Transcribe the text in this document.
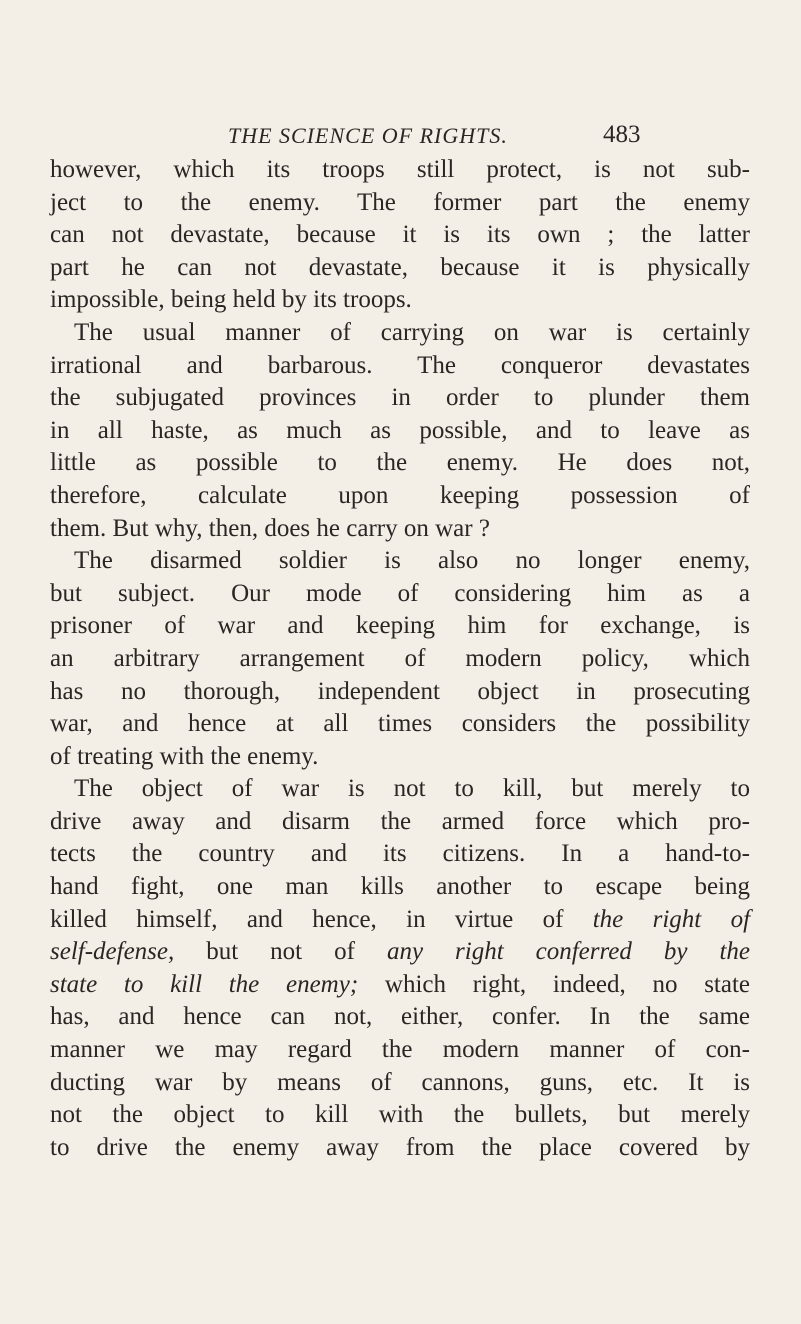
THE SCIENCE OF RIGHTS.	483
however, which its troops still protect, is not sub-
ject to the enemy. The former part the enemy
can not devastate, because it is its own ; the latter
part he can not devastate, because it is physically
impossible, being held by its troops.
The usual manner of carrying on war is certainly
irrational and barbarous. The conqueror devastates
the subjugated provinces in order to plunder them
in all haste, as much as possible, and to leave as
little as possible to the enemy. He does not,
therefore, calculate upon keeping possession of
them. But why, then, does he carry on war ?
The disarmed soldier is also no longer enemy,
but subject. Our mode of considering him as a
prisoner of war and keeping him for exchange, is
an arbitrary arrangement of modern policy, which
has no thorough, independent object in prosecuting
war, and hence at all times considers the possibility
of treating with the enemy.
The object of war is not to kill, but merely to
drive away and disarm the armed force which pro-
tects the country and its citizens. In a hand-to-
hand fight, one man kills another to escape being
killed himself, and hence, in virtue of the right of
self-defense, but not of any right conferred by the
state to kill the enemy; which right, indeed, no state
has, and hence can not, either, confer. In the same
manner we may regard the modern manner of con-
ducting war by means of cannons, guns, etc. It is
not the object to kill with the bullets, but merely
to drive the enemy away from the place covered by
